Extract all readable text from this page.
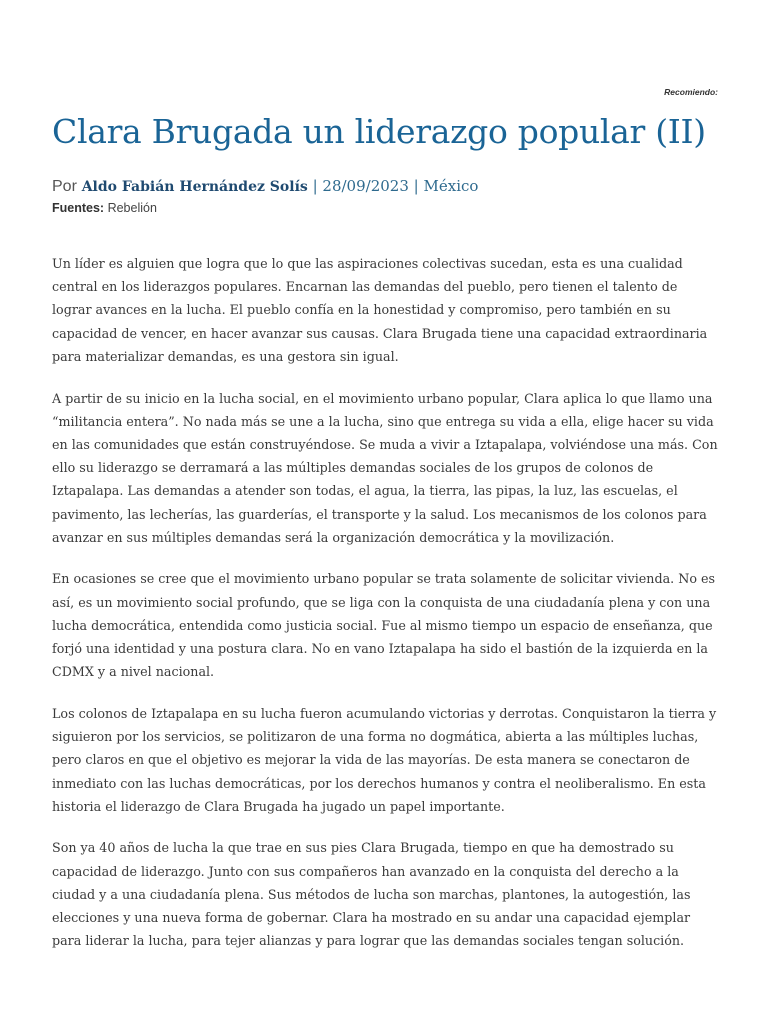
Recomiendo:
Clara Brugada un liderazgo popular (II)
Por Aldo Fabián Hernández Solís | 28/09/2023 | México
Fuentes: Rebelión

Un líder es alguien que logra que lo que las aspiraciones colectivas sucedan, esta es una cualidad central en los liderazgos populares. Encarnan las demandas del pueblo, pero tienen el talento de lograr avances en la lucha. El pueblo confía en la honestidad y compromiso, pero también en su capacidad de vencer, en hacer avanzar sus causas. Clara Brugada tiene una capacidad extraordinaria para materializar demandas, es una gestora sin igual.

A partir de su inicio en la lucha social, en el movimiento urbano popular, Clara aplica lo que llamo una “militancia entera”. No nada más se une a la lucha, sino que entrega su vida a ella, elige hacer su vida en las comunidades que están construyéndose. Se muda a vivir a Iztapalapa, volviéndose una más. Con ello su liderazgo se derramará a las múltiples demandas sociales de los grupos de colonos de Iztapalapa. Las demandas a atender son todas, el agua, la tierra, las pipas, la luz, las escuelas, el pavimento, las lecherías, las guarderías, el transporte y la salud. Los mecanismos de los colonos para avanzar en sus múltiples demandas será la organización democrática y la movilización.

En ocasiones se cree que el movimiento urbano popular se trata solamente de solicitar vivienda. No es así, es un movimiento social profundo, que se liga con la conquista de una ciudadanía plena y con una lucha democrática, entendida como justicia social. Fue al mismo tiempo un espacio de enseñanza, que forjó una identidad y una postura clara. No en vano Iztapalapa ha sido el bastión de la izquierda en la CDMX y a nivel nacional.

Los colonos de Iztapalapa en su lucha fueron acumulando victorias y derrotas. Conquistaron la tierra y siguieron por los servicios, se politizaron de una forma no dogmática, abierta a las múltiples luchas, pero claros en que el objetivo es mejorar la vida de las mayorías. De esta manera se conectaron de inmediato con las luchas democráticas, por los derechos humanos y contra el neoliberalismo. En esta historia el liderazgo de Clara Brugada ha jugado un papel importante.

Son ya 40 años de lucha la que trae en sus pies Clara Brugada, tiempo en que ha demostrado su capacidad de liderazgo. Junto con sus compañeros han avanzado en la conquista del derecho a la ciudad y a una ciudadanía plena. Sus métodos de lucha son marchas, plantones, la autogestión, las elecciones y una nueva forma de gobernar. Clara ha mostrado en su andar una capacidad ejemplar para liderar la lucha, para tejer alianzas y para lograr que las demandas sociales tengan solución.
